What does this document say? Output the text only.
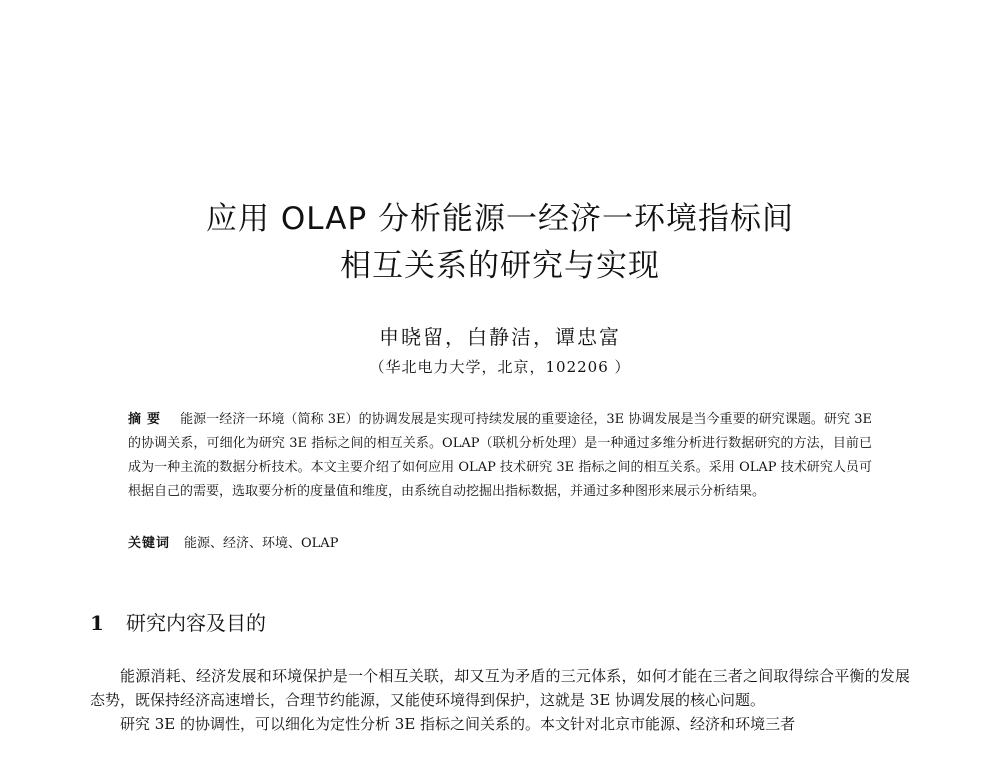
应用 OLAP 分析能源一经济一环境指标间
相互关系的研究与实现
申晓留，白静洁，谭忠富
（华北电力大学，北京，102206 ）
摘要 能源一经济一环境（简称 3E）的协调发展是实现可持续发展的重要途径，3E 协调发展是当今重要的研究课题。研究 3E 的协调关系，可细化为研究 3E 指标之间的相互关系。OLAP（联机分析处理）是一种通过多维分析进行数据研究的方法，目前已成为一种主流的数据分析技术。本文主要介绍了如何应用 OLAP 技术研究 3E 指标之间的相互关系。采用 OLAP 技术研究人员可根据自己的需要，选取要分析的度量值和维度，由系统自动挖掘出指标数据，并通过多种图形来展示分析结果。
关键词 能源、经济、环境、OLAP
1 研究内容及目的

能源消耗、经济发展和环境保护是一个相互关联，却又互为矛盾的三元体系，如何才能在三者之间取得综合平衡的发展态势，既保持经济高速增长，合理节约能源，又能使环境得到保护，这就是 3E 协调发展的核心问题。

研究 3E 的协调性，可以细化为定性分析 3E 指标之间关系的。本文针对北京市能源、经济和环境三者
